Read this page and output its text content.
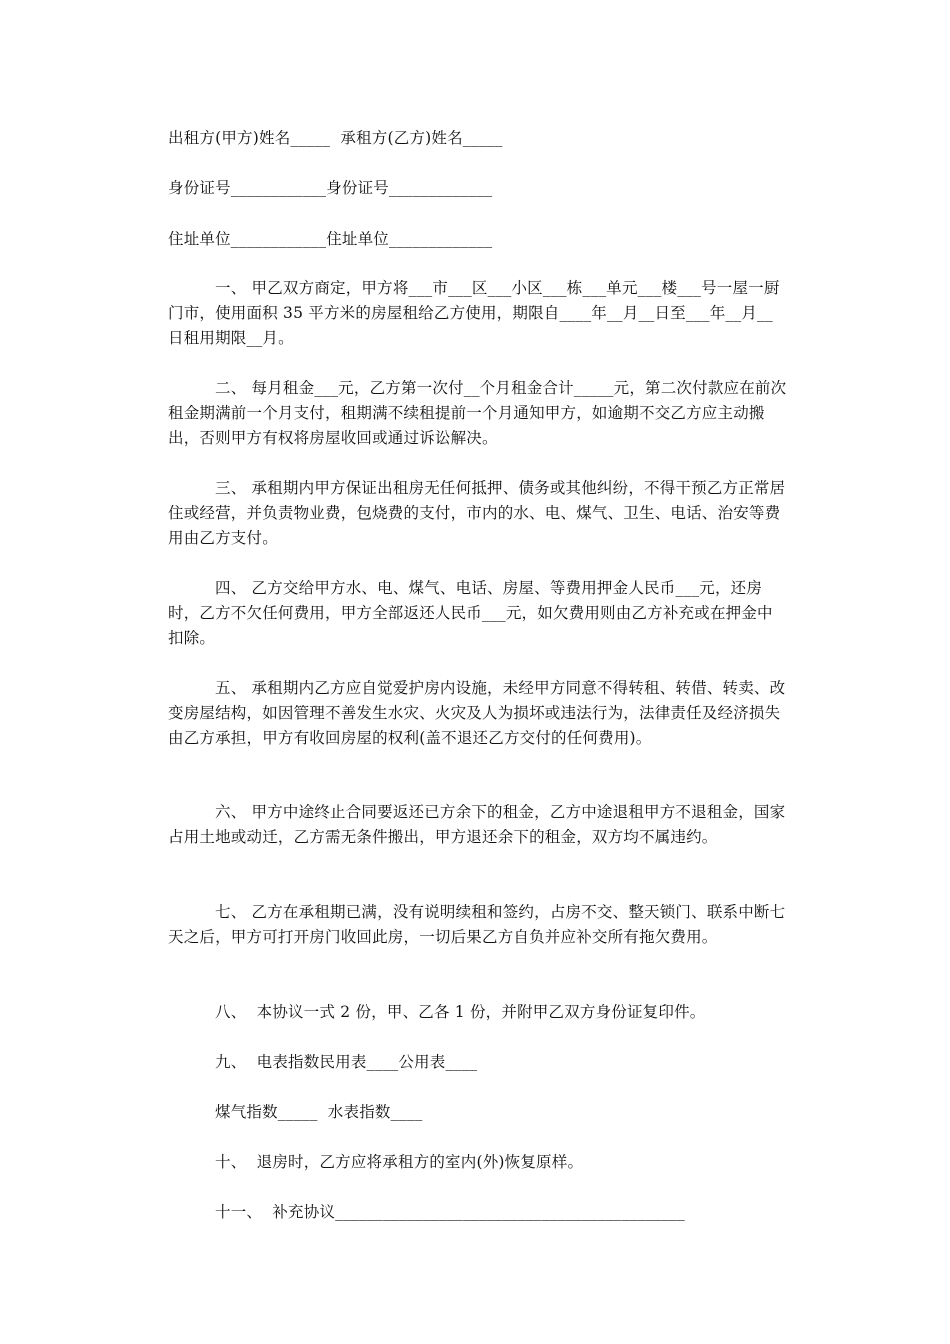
出租方(甲方)姓名_____  承租方(乙方)姓名_____
身份证号____________身份证号_____________
住址单位____________住址单位_____________
一、 甲乙双方商定，甲方将___市___区___小区___栋___单元___楼___号一屋一厨门市，使用面积 35 平方米的房屋租给乙方使用，期限自____年__月__日至___年__月__日租用期限__月。
二、 每月租金___元，乙方第一次付__个月租金合计_____元，第二次付款应在前次租金期满前一个月支付，租期满不续租提前一个月通知甲方，如逾期不交乙方应主动搬出，否则甲方有权将房屋收回或通过诉讼解决。
三、 承租期内甲方保证出租房无任何抵押、债务或其他纠纷，不得干预乙方正常居住或经营，并负责物业费，包烧费的支付，市内的水、电、煤气、卫生、电话、治安等费用由乙方支付。
四、 乙方交给甲方水、电、煤气、电话、房屋、等费用押金人民币___元，还房时，乙方不欠任何费用，甲方全部返还人民币___元，如欠费用则由乙方补充或在押金中扣除。
五、 承租期内乙方应自觉爱护房内设施，未经甲方同意不得转租、转借、转卖、改变房屋结构，如因管理不善发生水灾、火灾及人为损坏或违法行为，法律责任及经济损失由乙方承担，甲方有收回房屋的权利(盖不退还乙方交付的任何费用)。
六、 甲方中途终止合同要返还已方余下的租金，乙方中途退租甲方不退租金，国家占用土地或动迁，乙方需无条件搬出，甲方退还余下的租金，双方均不属违约。
七、 乙方在承租期已满，没有说明续租和签约，占房不交、整天锁门、联系中断七天之后，甲方可打开房门收回此房，一切后果乙方自负并应补交所有拖欠费用。
八、  本协议一式 2 份，甲、乙各 1 份，并附甲乙双方身份证复印件。
九、  电表指数民用表____公用表____
煤气指数_____  水表指数____
十、  退房时，乙方应将承租方的室内(外)恢复原样。
十一、  补充协议____________________________________________
